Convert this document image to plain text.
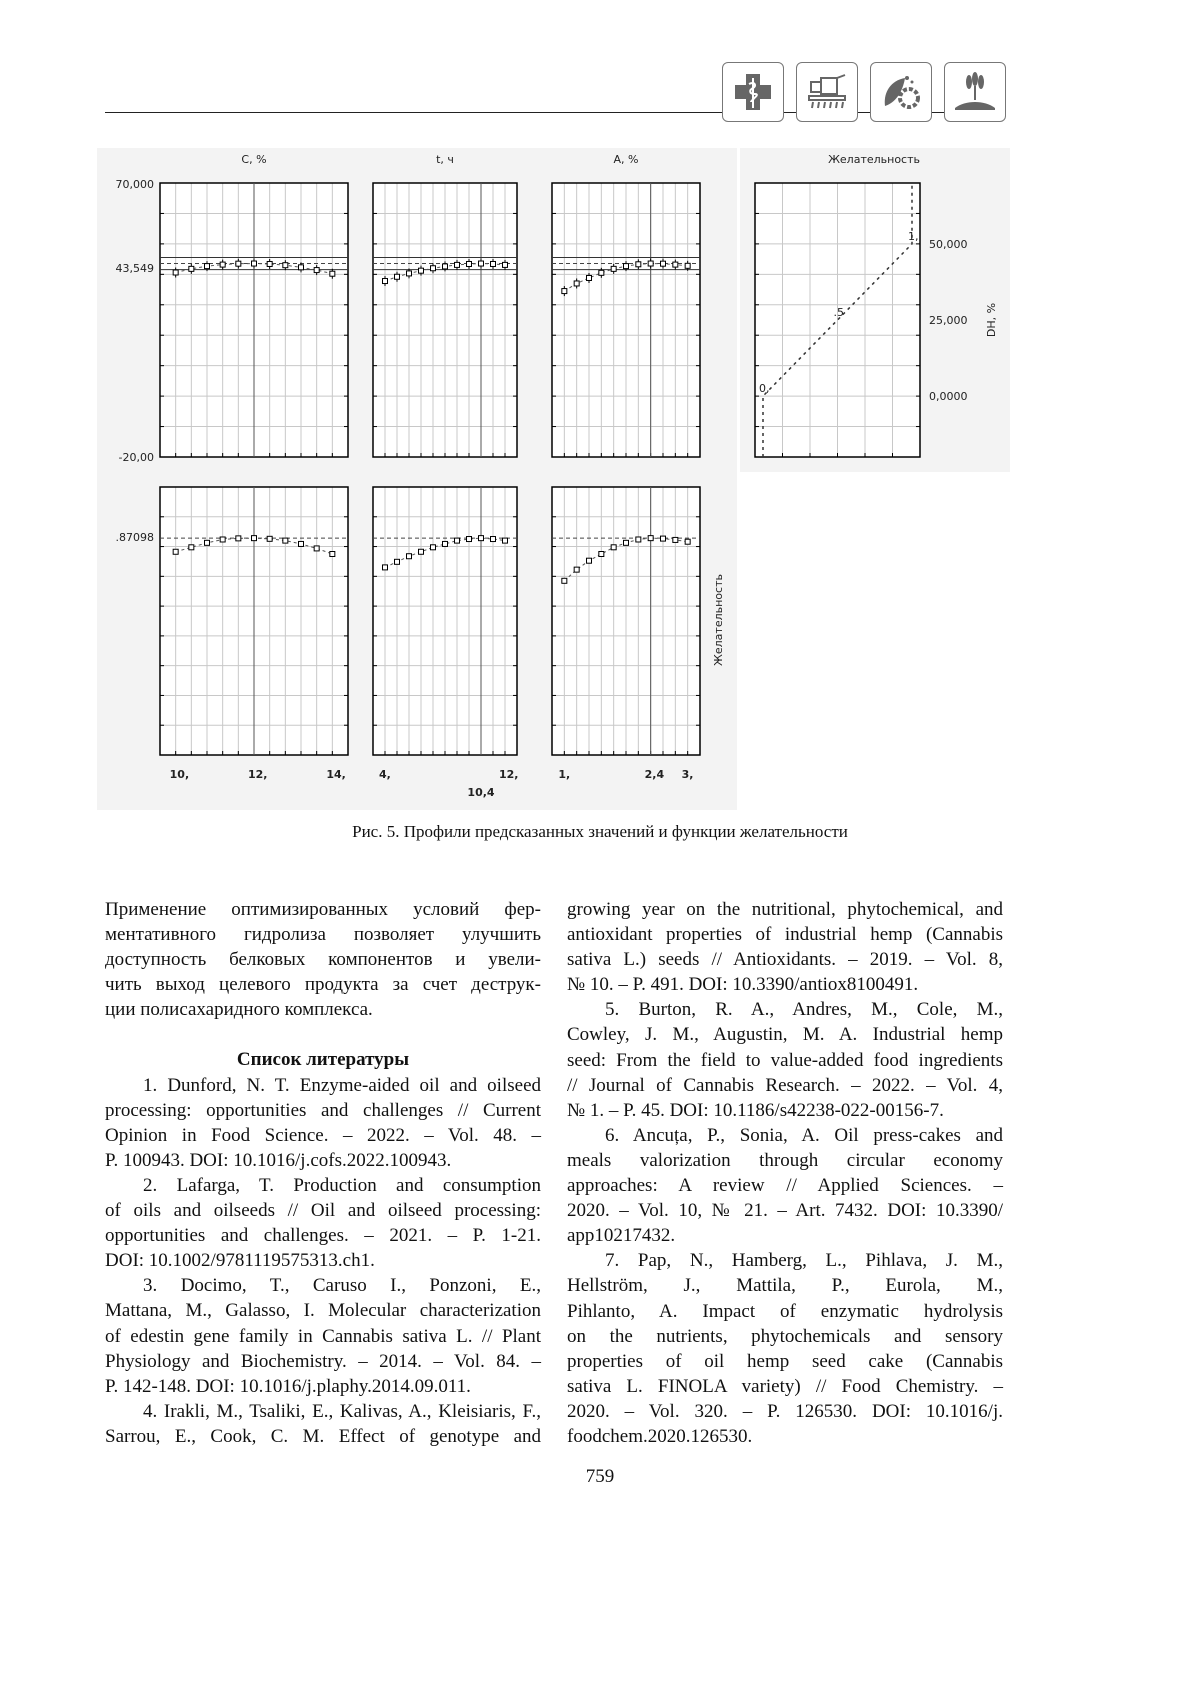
C, %
10,	12,	14,
t, ч
4,	12,
10,4
A, %
1,	2,4 3,
70,000
43,549
-20,00
.87098
Желательность
0,
.5
1,
Желательность
50,000
25,000
0,0000
DH, %
Рис. 5. Профили предсказанных значений и функции желательности
Применение оптимизированных условий фер-
ментативного гидролиза позволяет улучшить
доступность белковых компонентов и увели-
чить выход целевого продукта за счет деструк-
ции полисахаридного комплекса.
Список литературы
1. Dunford, N. T. Enzyme-aided oil and oilseed
processing: opportunities and challenges // Current
Opinion in Food Science. – 2022. – Vol. 48. –
P. 100943. DOI: 10.1016/j.cofs.2022.100943.
2. Lafarga, T. Production and consumption
of oils and oilseeds // Oil and oilseed processing:
opportunities and challenges. – 2021. – P. 1-21.
DOI: 10.1002/9781119575313.ch1.
3. Docimo, T., Caruso I., Ponzoni, E.,
Mattana, M., Galasso, I. Molecular characterization
of edestin gene family in Cannabis sativa L. // Plant
Physiology and Biochemistry. – 2014. – Vol. 84. –
P. 142-148. DOI: 10.1016/j.plaphy.2014.09.011.
4. Irakli, M., Tsaliki, E., Kalivas, A., Kleisiaris, F.,
Sarrou, E., Cook, C. M. Effect of genotype and
growing year on the nutritional, phytochemical, and
antioxidant properties of industrial hemp (Cannabis
sativa L.) seeds // Antioxidants. – 2019. – Vol. 8,
№ 10. – P. 491. DOI: 10.3390/antiox8100491.
5. Burton, R. A., Andres, M., Cole, M.,
Cowley, J. M., Augustin, M. A. Industrial hemp
seed: From the field to value-added food ingredients
// Journal of Cannabis Research. – 2022. – Vol. 4,
№ 1. – P. 45. DOI: 10.1186/s42238-022-00156-7.
6. Ancuța, P., Sonia, A. Oil press-cakes and
meals valorization through circular economy
approaches: A review // Applied Sciences. –
2020. – Vol. 10, № 21. – Art. 7432. DOI: 10.3390/
app10217432.
7. Pap, N., Hamberg, L., Pihlava, J. M.,
Hellström, J., Mattila, P., Eurola, M.,
Pihlanto, A. Impact of enzymatic hydrolysis
on the nutrients, phytochemicals and sensory
properties of oil hemp seed cake (Cannabis
sativa L. FINOLA variety) // Food Chemistry. –
2020. – Vol. 320. – P. 126530. DOI: 10.1016/j.
foodchem.2020.126530.
759
